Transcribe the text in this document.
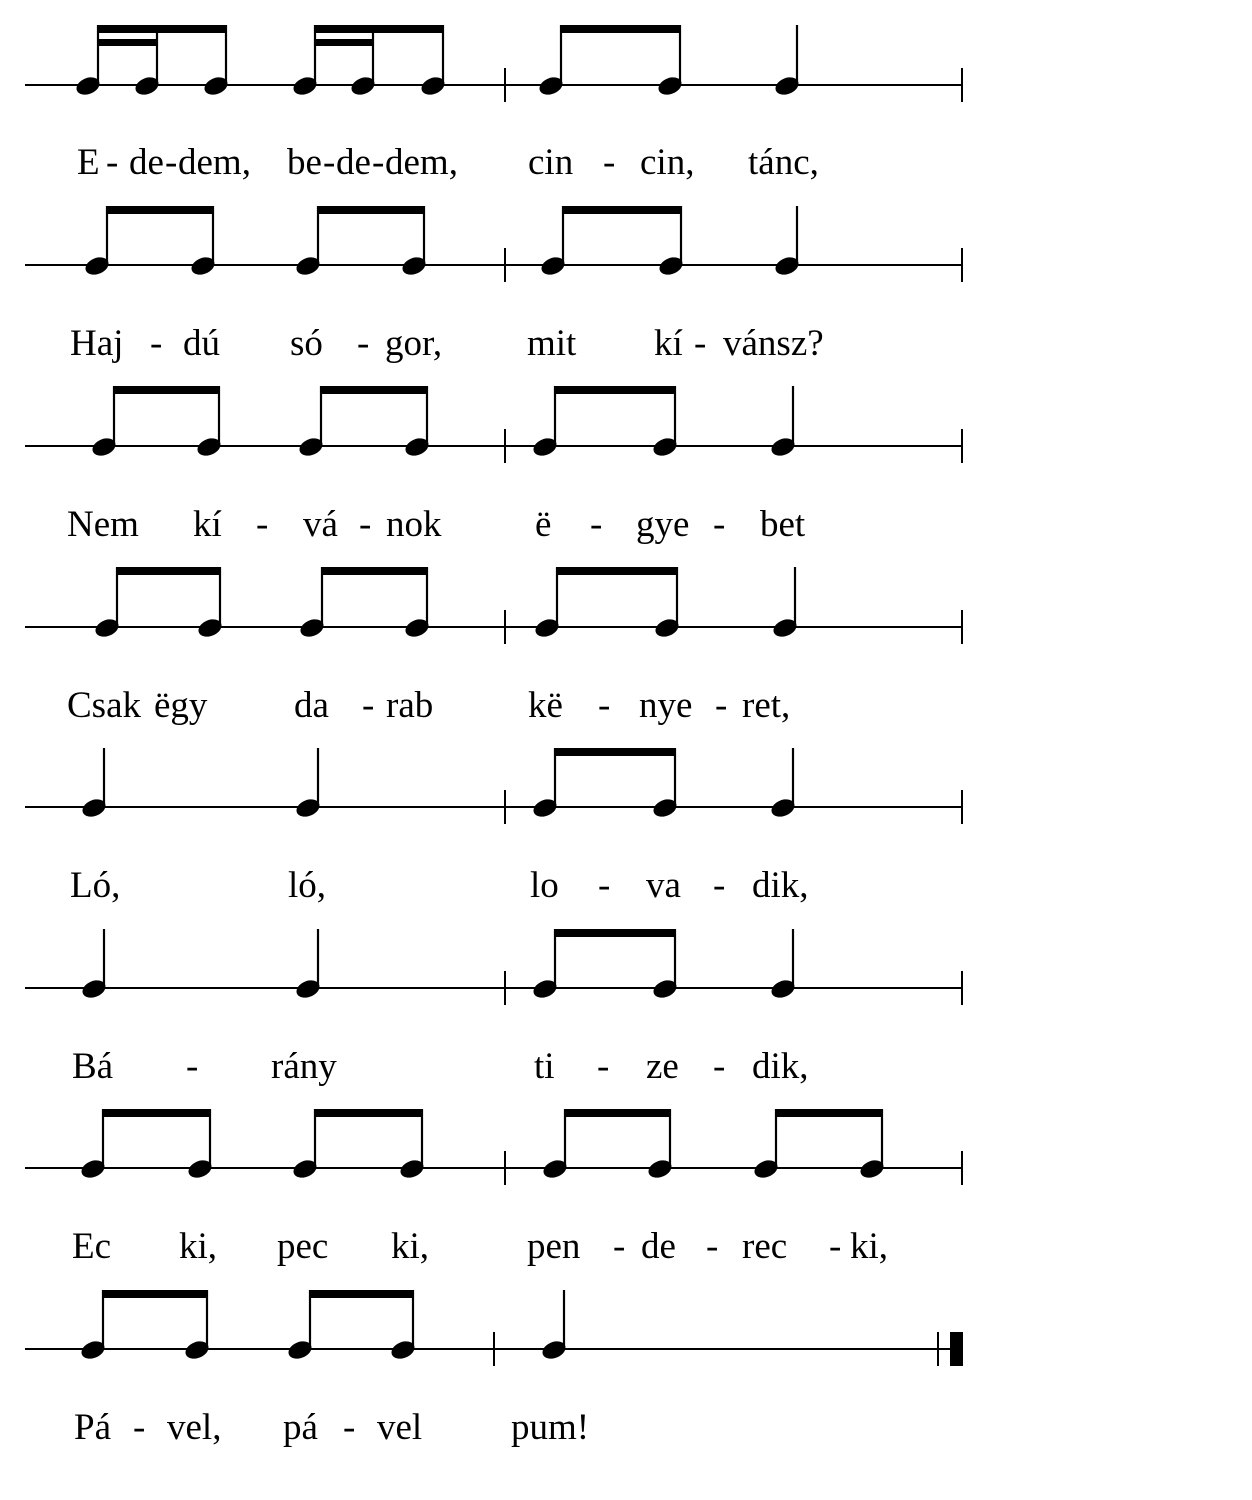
E - de - dem, be - de - dem, cin - cin, tánc,
Haj - dú só - gor, mit kí - vánsz?
Nem kí - vá - nok	ë - gye - bet
Csak ëgy da - rab	kë - nye - ret,
Ló,	ló,	lo - va - dik,
Bá - rány	ti - ze - dik,
Ec ki, pec ki,	pen - de - rec - ki,
Pá - vel, pá - vel pum!
